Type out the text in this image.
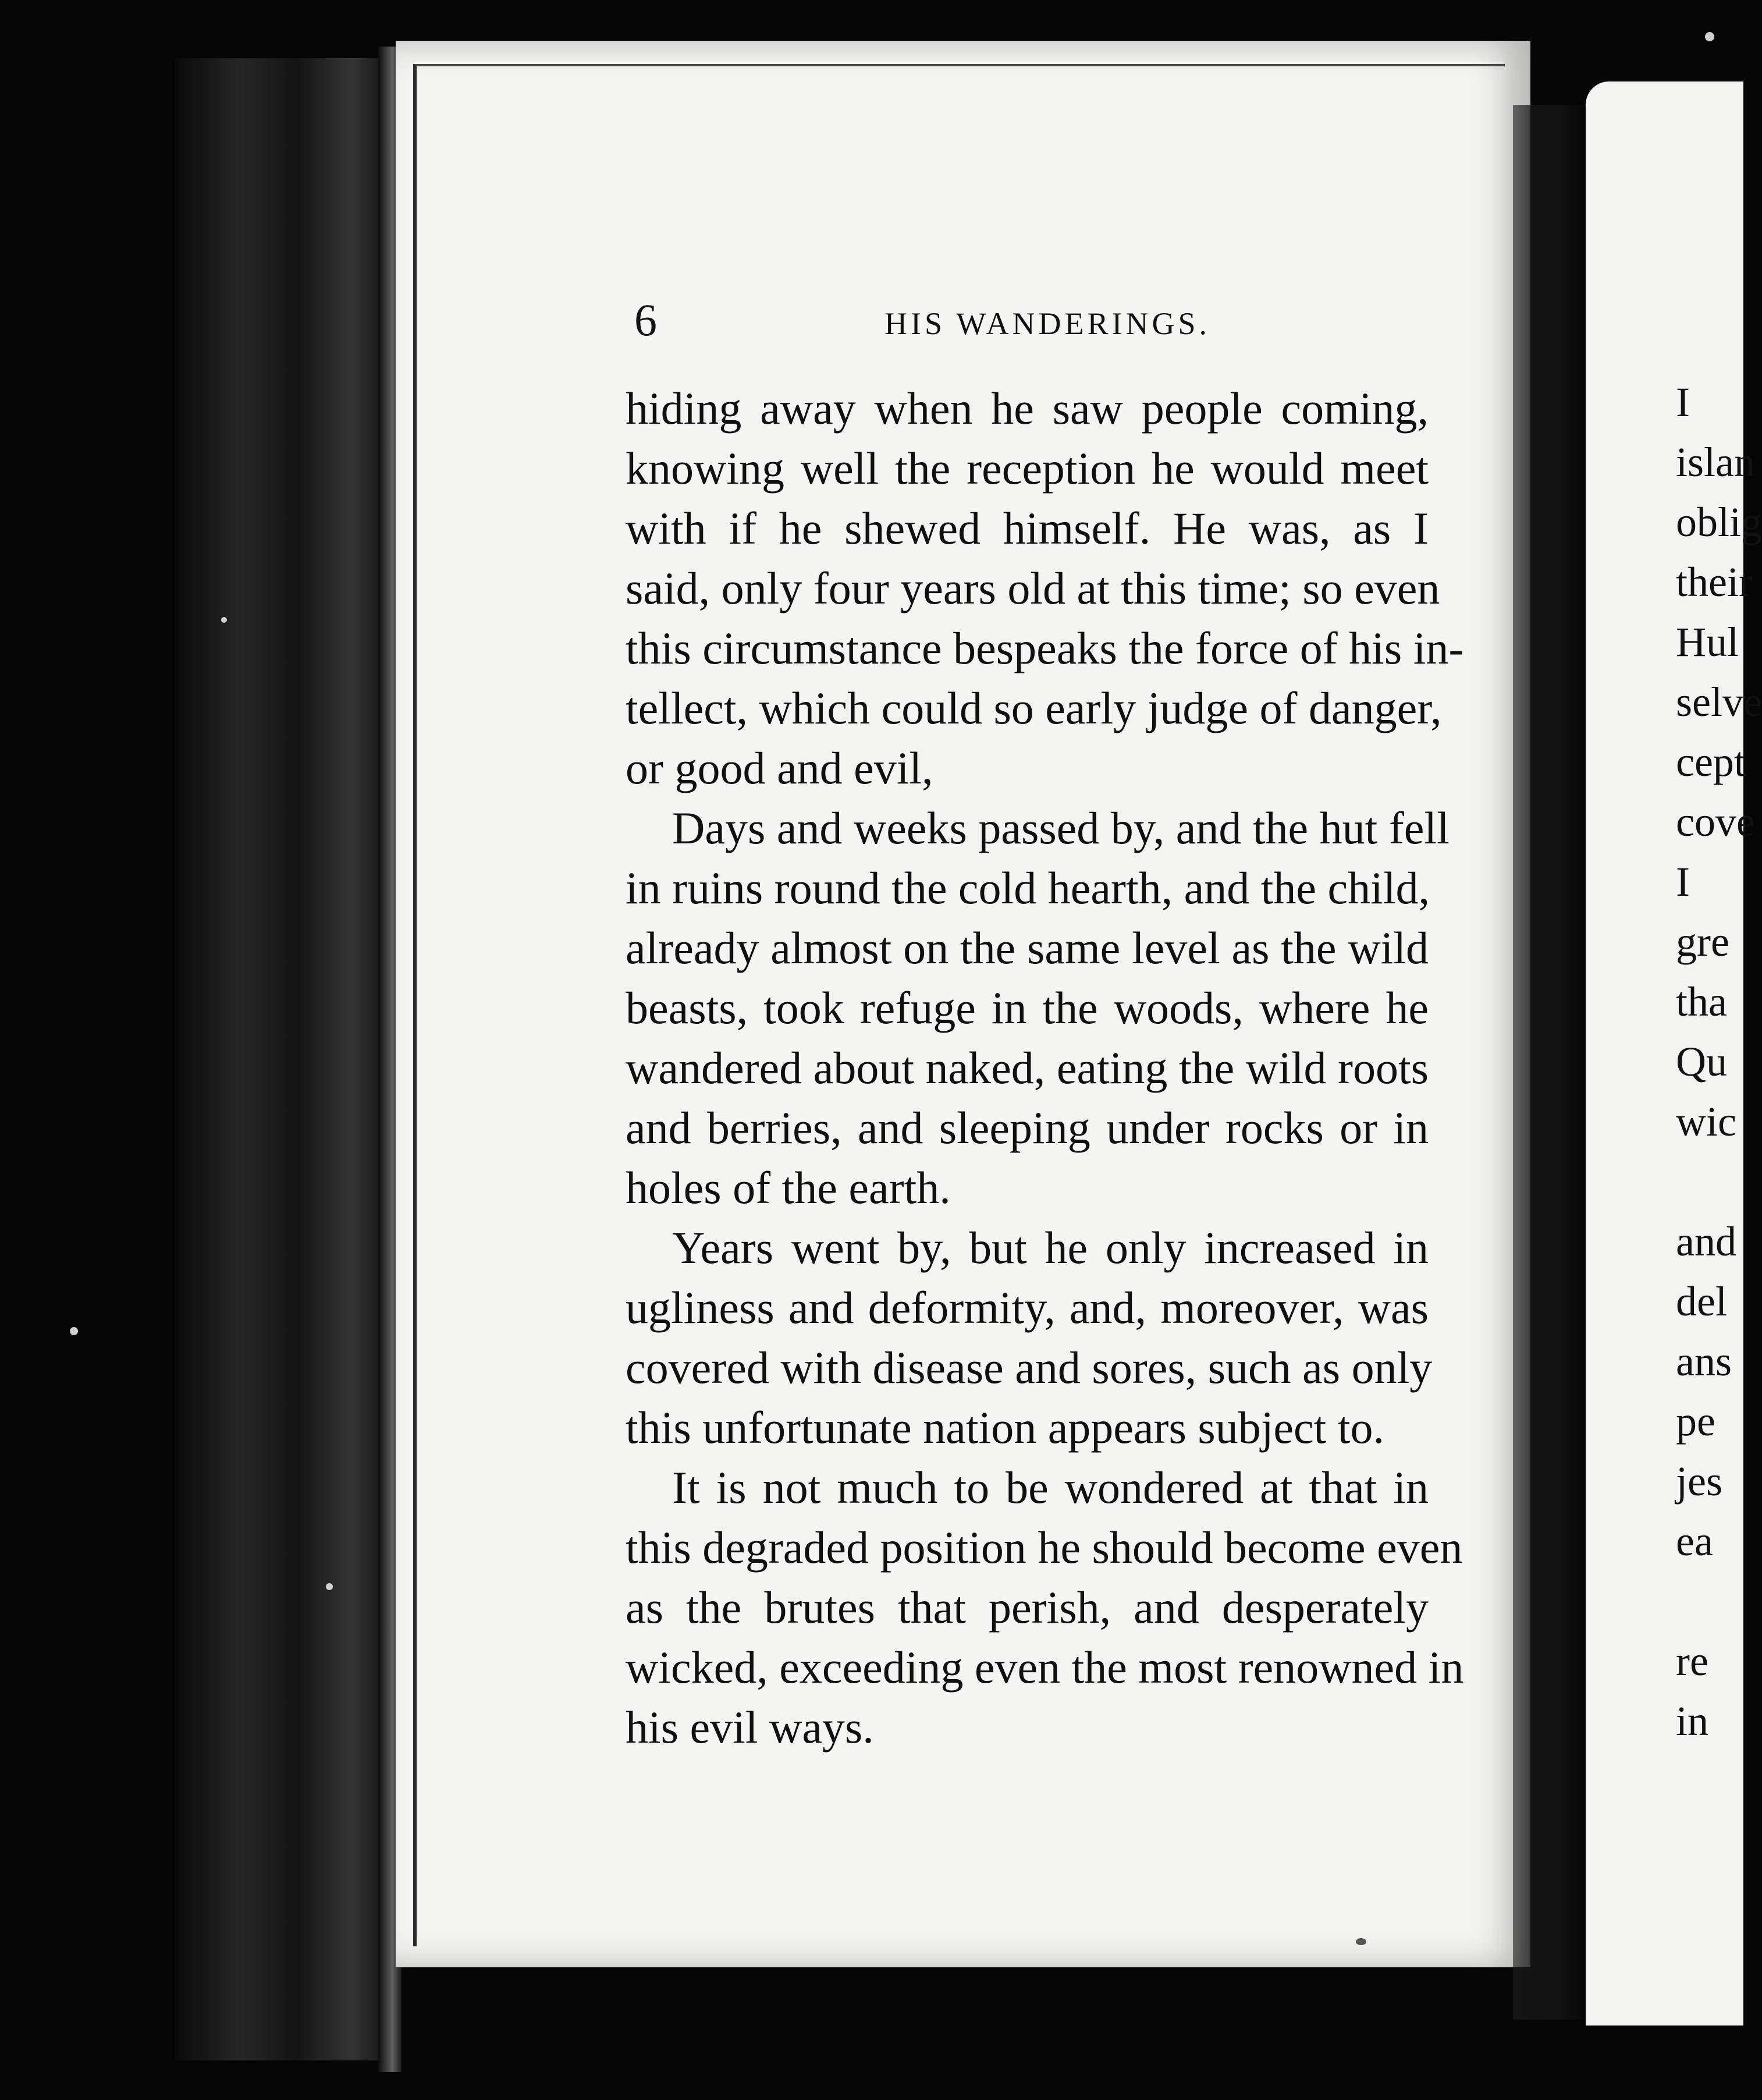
6	HIS WANDERINGS.
hiding away when he saw people coming,
knowing well the reception he would meet
with if he shewed himself. He was, as I
said, only four years old at this time; so even
this circumstance bespeaks the force of his in-
tellect, which could so early judge of danger,
or good and evil,
Days and weeks passed by, and the hut fell
in ruins round the cold hearth, and the child,
already almost on the same level as the wild
beasts, took refuge in the woods, where he
wandered about naked, eating the wild roots
and berries, and sleeping under rocks or in
holes of the earth.
Years went by, but he only increased in
ugliness and deformity, and, moreover, was
covered with disease and sores, such as only
this unfortunate nation appears subject to.
It is not much to be wondered at that in
this degraded position he should become even
as the brutes that perish, and desperately
wicked, exceeding even the most renowned in
his evil ways.
I
islan
oblig
their
Hul
selve
cept
cove
I
gre
tha
Qu
wic
and
del
ans
pe
jes
ea
re
in
